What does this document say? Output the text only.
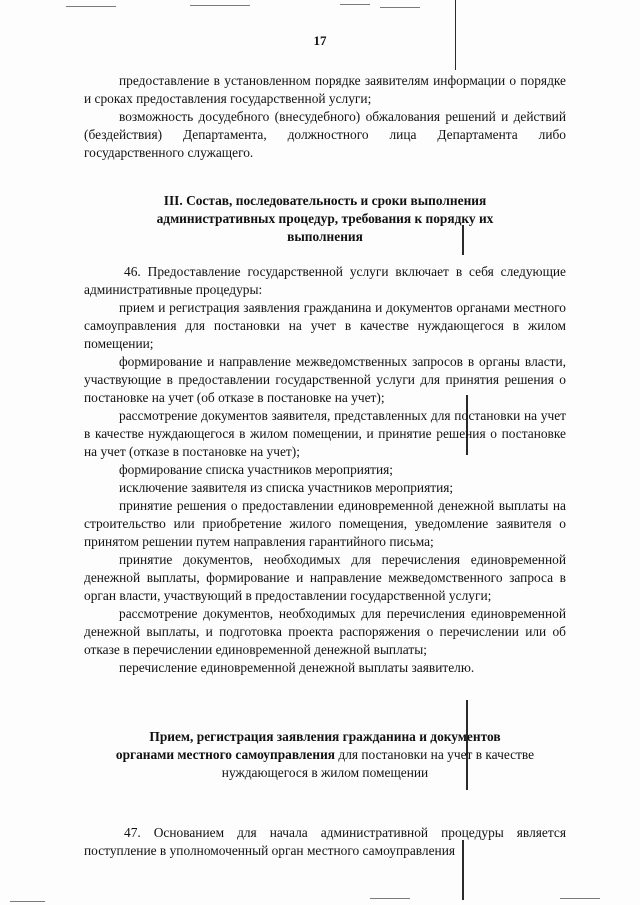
17

предоставление в установленном порядке заявителям информации о порядке и сроках предоставления государственной услуги;

возможность досудебного (внесудебного) обжалования решений и действий (бездействия) Департамента, должностного лица Департамента либо государственного служащего.

III. Состав, последовательность и сроки выполнения

административных процедур, требования к порядку их

выполнения

46. Предоставление государственной услуги включает в себя следующие административные процедуры:

прием и регистрация заявления гражданина и документов органами местного самоуправления для постановки на учет в качестве нуждающегося в жилом помещении;

формирование и направление межведомственных запросов в органы власти, участвующие в предоставлении государственной услуги для принятия решения о постановке на учет (об отказе в постановке на учет);

рассмотрение документов заявителя, представленных для постановки на учет в качестве нуждающегося в жилом помещении, и принятие решения о постановке на учет (отказе в постановке на учет);

формирование списка участников мероприятия;

исключение заявителя из списка участников мероприятия;

принятие решения о предоставлении единовременной денежной выплаты на строительство или приобретение жилого помещения, уведомление заявителя о принятом решении путем направления гарантийного письма;

принятие документов, необходимых для перечисления единовременной денежной выплаты, формирование и направление межведомственного запроса в орган власти, участвующий в предоставлении государственной услуги;

рассмотрение документов, необходимых для перечисления единовременной денежной выплаты, и подготовка проекта распоряжения о перечислении или об отказе в перечислении единовременной денежной выплаты;

перечисление единовременной денежной выплаты заявителю.

Прием, регистрация заявления гражданина и документов

органами местного самоуправления для постановки на учет в качестве

нуждающегося в жилом помещении

47. Основанием для начала административной процедуры является поступление в уполномоченный орган местного самоуправления
